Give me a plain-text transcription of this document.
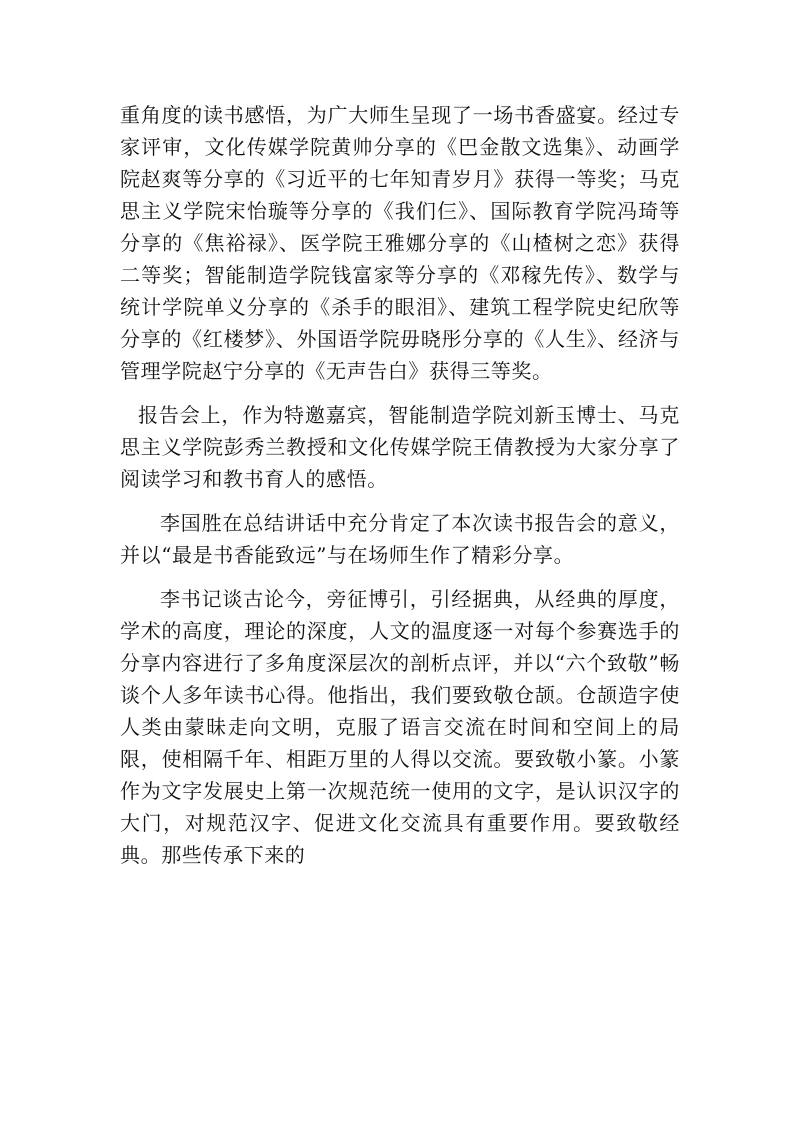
重角度的读书感悟，为广大师生呈现了一场书香盛宴。经过专家评审，文化传媒学院黄帅分享的《巴金散文选集》、动画学院赵爽等分享的《习近平的七年知青岁月》获得一等奖；马克思主义学院宋怡璇等分享的《我们仨》、国际教育学院冯琦等分享的《焦裕禄》、医学院王雅娜分享的《山楂树之恋》获得二等奖；智能制造学院钱富家等分享的《邓稼先传》、数学与统计学院单义分享的《杀手的眼泪》、建筑工程学院史纪欣等分享的《红楼梦》、外国语学院毋晓彤分享的《人生》、经济与管理学院赵宁分享的《无声告白》获得三等奖。

报告会上，作为特邀嘉宾，智能制造学院刘新玉博士、马克思主义学院彭秀兰教授和文化传媒学院王倩教授为大家分享了阅读学习和教书育人的感悟。

李国胜在总结讲话中充分肯定了本次读书报告会的意义，并以“最是书香能致远”与在场师生作了精彩分享。

李书记谈古论今，旁征博引，引经据典，从经典的厚度，学术的高度，理论的深度，人文的温度逐一对每个参赛选手的分享内容进行了多角度深层次的剖析点评，并以“六个致敬”畅谈个人多年读书心得。他指出，我们要致敬仓颉。仓颉造字使人类由蒙昧走向文明，克服了语言交流在时间和空间上的局限，使相隔千年、相距万里的人得以交流。要致敬小篆。小篆作为文字发展史上第一次规范统一使用的文字，是认识汉字的大门，对规范汉字、促进文化交流具有重要作用。要致敬经典。那些传承下来的
